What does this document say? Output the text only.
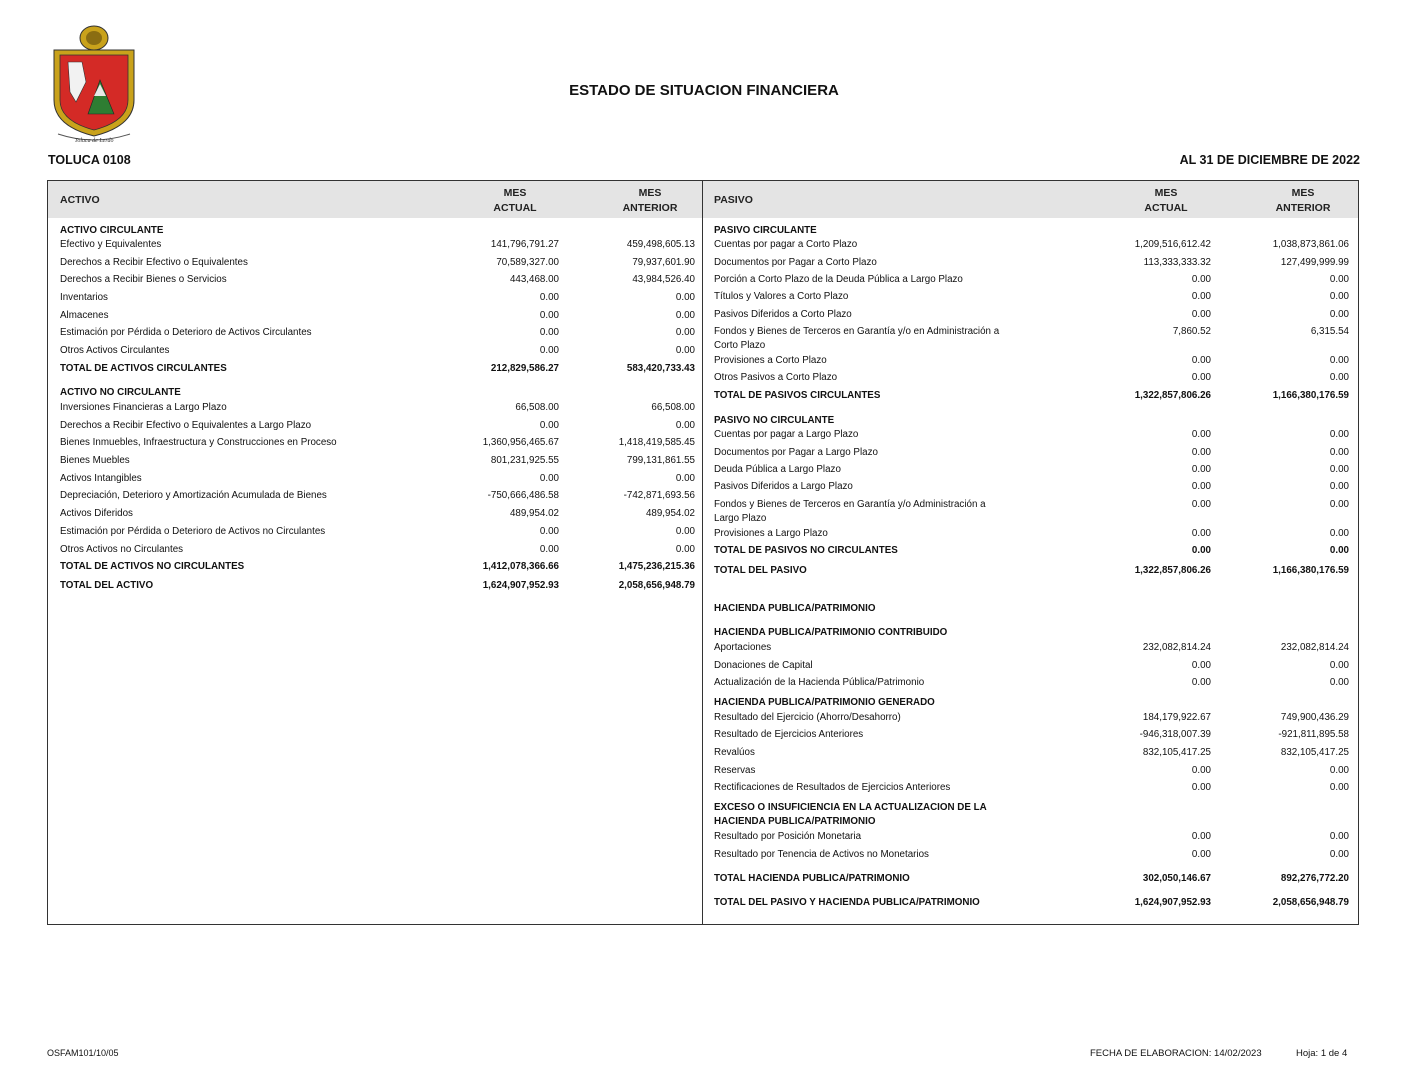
Toluca de Lerdo
ESTADO DE SITUACION FINANCIERA
TOLUCA 0108	AL 31 DE DICIEMBRE DE 2022
ACTIVO
MES
ACTUAL
MES
ANTERIOR
PASIVO
MES
ACTUAL
MES
ANTERIOR
ACTIVO CIRCULANTE
Efectivo y Equivalentes	141,796,791.27	459,498,605.13
Derechos a Recibir Efectivo o Equivalentes	70,589,327.00	79,937,601.90
Derechos a Recibir Bienes o Servicios	443,468.00	43,984,526.40
Inventarios	0.00	0.00
Almacenes	0.00	0.00
Estimación por Pérdida o Deterioro de Activos Circulantes	0.00	0.00
Otros Activos Circulantes	0.00	0.00
TOTAL DE ACTIVOS CIRCULANTES	212,829,586.27	583,420,733.43
ACTIVO NO CIRCULANTE
Inversiones Financieras a Largo Plazo	66,508.00	66,508.00
Derechos a Recibir Efectivo o Equivalentes a Largo Plazo	0.00	0.00
Bienes Inmuebles, Infraestructura y Construcciones en Proceso	1,360,956,465.67	1,418,419,585.45
Bienes Muebles	801,231,925.55	799,131,861.55
Activos Intangibles	0.00	0.00
Depreciación, Deterioro y Amortización Acumulada de Bienes	-750,666,486.58	-742,871,693.56
Activos Diferidos	489,954.02	489,954.02
Estimación por Pérdida o Deterioro de Activos no Circulantes	0.00	0.00
Otros Activos no Circulantes	0.00	0.00
TOTAL DE ACTIVOS NO CIRCULANTES	1,412,078,366.66	1,475,236,215.36
TOTAL DEL ACTIVO	1,624,907,952.93	2,058,656,948.79
PASIVO CIRCULANTE
Cuentas por pagar a Corto Plazo	1,209,516,612.42	1,038,873,861.06
Documentos por Pagar a Corto Plazo	113,333,333.32	127,499,999.99
Porción a Corto Plazo de la Deuda Pública a Largo Plazo	0.00	0.00
Títulos y Valores a Corto Plazo	0.00	0.00
Pasivos Diferidos a Corto Plazo	0.00	0.00
Fondos y Bienes de Terceros en Garantía y/o en Administración a
Corto Plazo
7,860.52	6,315.54
Provisiones a Corto Plazo	0.00	0.00
Otros Pasivos a Corto Plazo	0.00	0.00
TOTAL DE PASIVOS CIRCULANTES	1,322,857,806.26	1,166,380,176.59
PASIVO NO CIRCULANTE
Cuentas por pagar a Largo Plazo	0.00	0.00
Documentos por Pagar a Largo Plazo	0.00	0.00
Deuda Pública a Largo Plazo	0.00	0.00
Pasivos Diferidos a Largo Plazo	0.00	0.00
Fondos y Bienes de Terceros en Garantía y/o Administración a
Largo Plazo
0.00	0.00
Provisiones a Largo Plazo	0.00	0.00
TOTAL DE PASIVOS NO CIRCULANTES	0.00	0.00
TOTAL DEL PASIVO	1,322,857,806.26	1,166,380,176.59
HACIENDA PUBLICA/PATRIMONIO
HACIENDA PUBLICA/PATRIMONIO CONTRIBUIDO
Aportaciones	232,082,814.24	232,082,814.24
Donaciones de Capital	0.00	0.00
Actualización de la Hacienda Pública/Patrimonio	0.00	0.00
HACIENDA PUBLICA/PATRIMONIO GENERADO
Resultado del Ejercicio (Ahorro/Desahorro)	184,179,922.67	749,900,436.29
Resultado de Ejercicios Anteriores	-946,318,007.39	-921,811,895.58
Revalúos	832,105,417.25	832,105,417.25
Reservas	0.00	0.00
Rectificaciones de Resultados de Ejercicios Anteriores	0.00	0.00
EXCESO O INSUFICIENCIA EN LA ACTUALIZACION DE LA
HACIENDA PUBLICA/PATRIMONIO
Resultado por Posición Monetaria	0.00	0.00
Resultado por Tenencia de Activos no Monetarios	0.00	0.00
TOTAL HACIENDA PUBLICA/PATRIMONIO	302,050,146.67	892,276,772.20
TOTAL DEL PASIVO Y HACIENDA PUBLICA/PATRIMONIO	1,624,907,952.93	2,058,656,948.79
OSFAM101/10/05	FECHA DE ELABORACION: 14/02/2023	Hoja: 1 de 4
